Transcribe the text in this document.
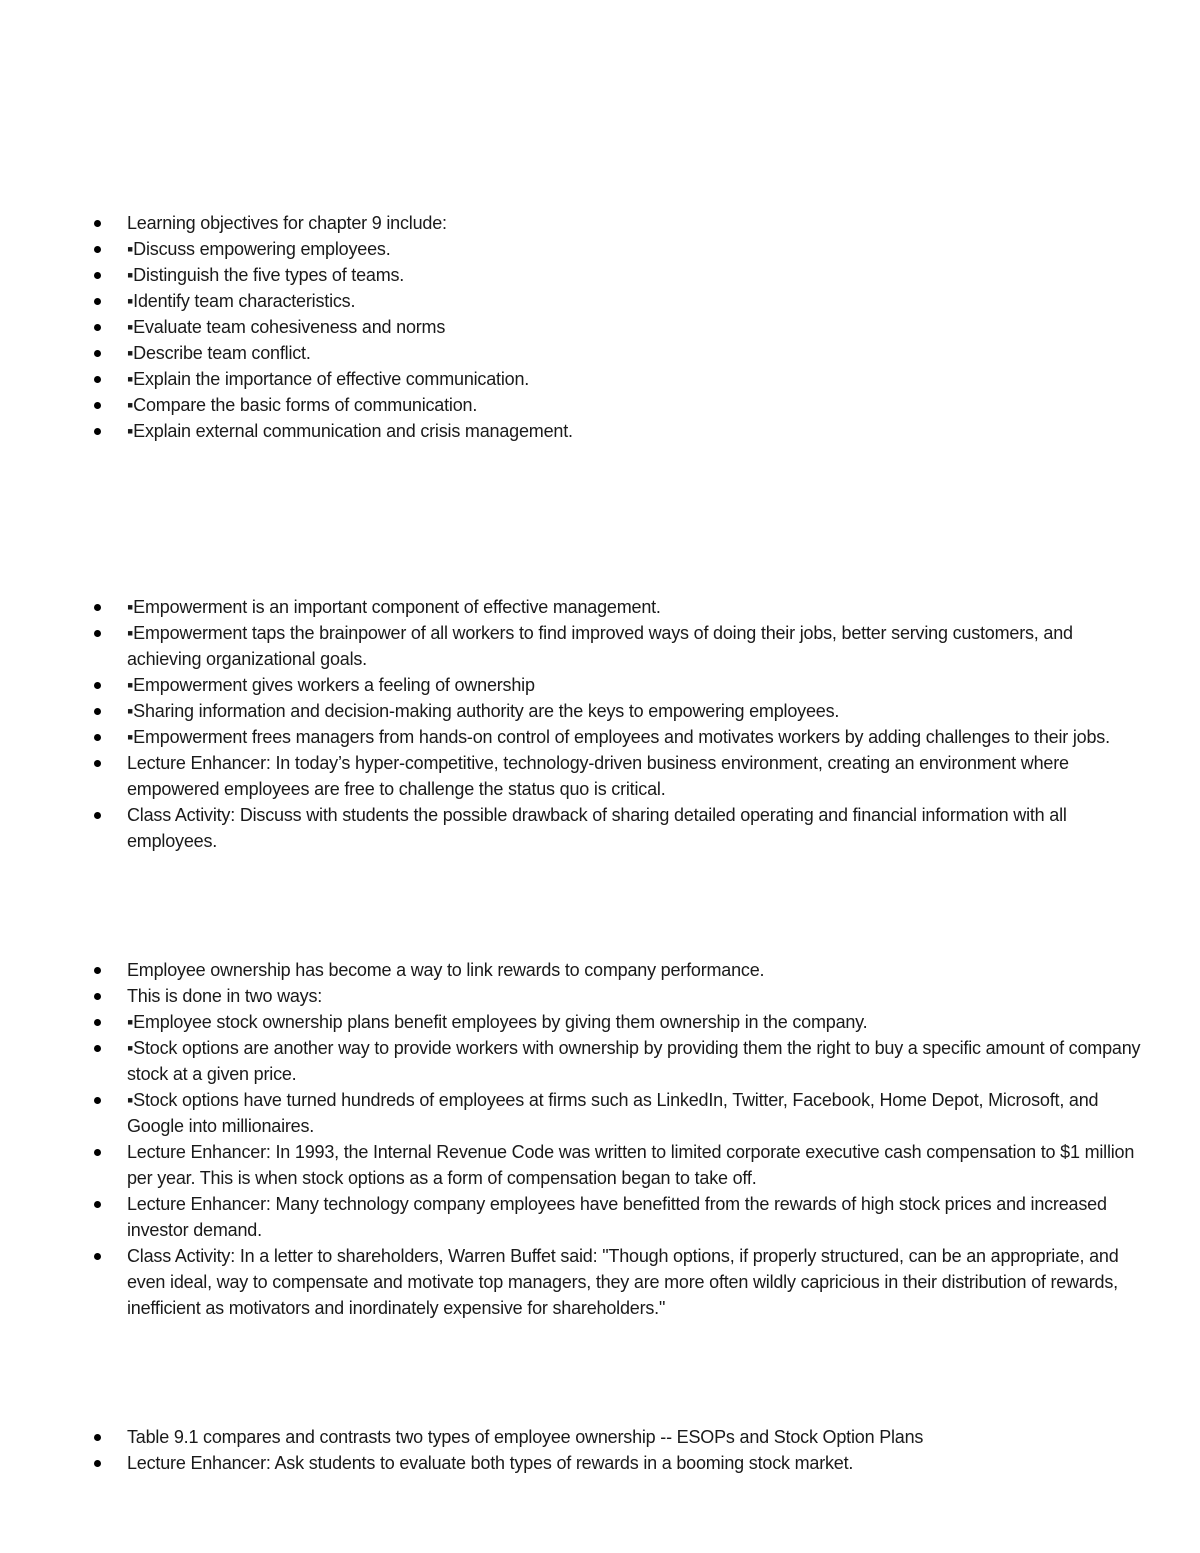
Learning objectives for chapter 9 include:
▪Discuss empowering employees.
▪Distinguish the five types of teams.
▪Identify team characteristics.
▪Evaluate team cohesiveness and norms
▪Describe team conflict.
▪Explain the importance of effective communication.
▪Compare the basic forms of communication.
▪Explain external communication and crisis management.
▪Empowerment is an important component of effective management.
▪Empowerment taps the brainpower of all workers to find improved ways of doing their jobs, better serving customers, and achieving organizational goals.
▪Empowerment gives workers a feeling of ownership
▪Sharing information and decision-making authority are the keys to empowering employees.
▪Empowerment frees managers from hands-on control of employees and motivates workers by adding challenges to their jobs.
Lecture Enhancer: In today’s hyper-competitive, technology-driven business environment, creating an environment where empowered employees are free to challenge the status quo is critical.
Class Activity: Discuss with students the possible drawback of sharing detailed operating and financial information with all employees.
Employee ownership has become a way to link rewards to company performance.
This is done in two ways:
▪Employee stock ownership plans benefit employees by giving them ownership in the company.
▪Stock options are another way to provide workers with ownership by providing them the right to buy a specific amount of company stock at a given price.
▪Stock options have turned hundreds of employees at firms such as LinkedIn, Twitter, Facebook, Home Depot, Microsoft, and Google into millionaires.
Lecture Enhancer: In 1993, the Internal Revenue Code was written to limited corporate executive cash compensation to $1 million per year. This is when stock options as a form of compensation began to take off.
Lecture Enhancer: Many technology company employees have benefitted from the rewards of high stock prices and increased investor demand.
Class Activity: In a letter to shareholders, Warren Buffet said: "Though options, if properly structured, can be an appropriate, and even ideal, way to compensate and motivate top managers, they are more often wildly capricious in their distribution of rewards, inefficient as motivators and inordinately expensive for shareholders."
Table 9.1 compares and contrasts two types of employee ownership -- ESOPs and Stock Option Plans
Lecture Enhancer: Ask students to evaluate both types of rewards in a booming stock market.
